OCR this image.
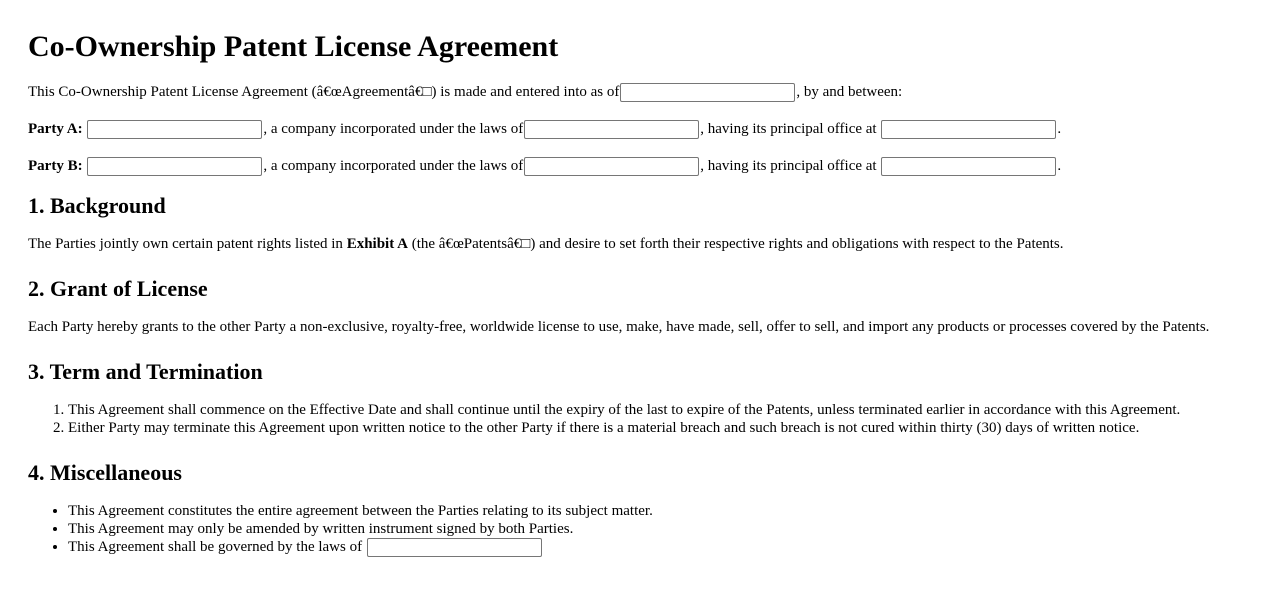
Co-Ownership Patent License Agreement

This Co-Ownership Patent License Agreement (â€œAgreementâ€□) is made and entered into as of	, by and between:

Party A:	, a company incorporated under the laws of	, having its principal office at	.

Party B:	, a company incorporated under the laws of	, having its principal office at	.

1. Background

The Parties jointly own certain patent rights listed in Exhibit A (the â€œPatentsâ€□) and desire to set forth their respective rights and obligations with respect to the Patents.

2. Grant of License

Each Party hereby grants to the other Party a non-exclusive, royalty-free, worldwide license to use, make, have made, sell, offer to sell, and import any products or processes covered by the Patents.

3. Term and Termination
1. This Agreement shall commence on the Effective Date and shall continue until the expiry of the last to expire of the Patents, unless terminated earlier in accordance with this Agreement.
2. Either Party may terminate this Agreement upon written notice to the other Party if there is a material breach and such breach is not cured within thirty (30) days of written notice.
4. Miscellaneous
• This Agreement constitutes the entire agreement between the Parties relating to its subject matter.
• This Agreement may only be amended by written instrument signed by both Parties.
• This Agreement shall be governed by the laws of
